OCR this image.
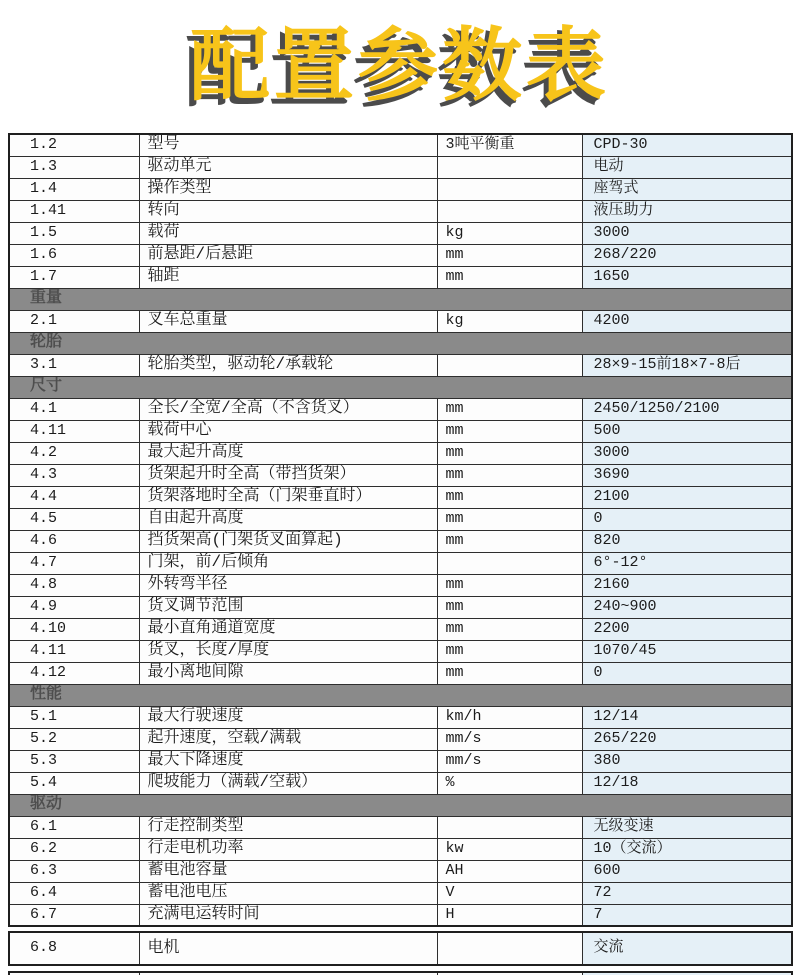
配置参数表
1.2	型号	3吨平衡重	CPD-30
1.3	驱动单元		电动
1.4	操作类型		座驾式
1.41	转向		液压助力
1.5	载荷	kg	3000
1.6	前悬距/后悬距	mm	268/220
1.7	轴距	mm	1650
重量			
2.1	叉车总重量	kg	4200
轮胎			
3.1	轮胎类型，驱动轮/承载轮		28×9-15前18×7-8后
尺寸			
4.1	全长/全宽/全高（不含货叉）	mm	2450/1250/2100
4.11	载荷中心	mm	500
4.2	最大起升高度	mm	3000
4.3	货架起升时全高（带挡货架）	mm	3690
4.4	货架落地时全高（门架垂直时）	mm	2100
4.5	自由起升高度	mm	0
4.6	挡货架高(门架货叉面算起)	mm	820
4.7	门架，前/后倾角		6°-12°
4.8	外转弯半径	mm	2160
4.9	货叉调节范围	mm	240~900
4.10	最小直角通道宽度	mm	2200
4.11	货叉，长度/厚度	mm	1070/45
4.12	最小离地间隙	mm	0
性能			
5.1	最大行驶速度	km/h	12/14
5.2	起升速度，空载/满载	mm/s	265/220
5.3	最大下降速度	mm/s	380
5.4	爬坡能力（满载/空载）	%	12/18
驱动			
6.1	行走控制类型		无级变速
6.2	行走电机功率	kw	10（交流）
6.3	蓄电池容量	AH	600
6.4	蓄电池电压	V	72
6.7	充满电运转时间	H	7
6.8	电机		交流
